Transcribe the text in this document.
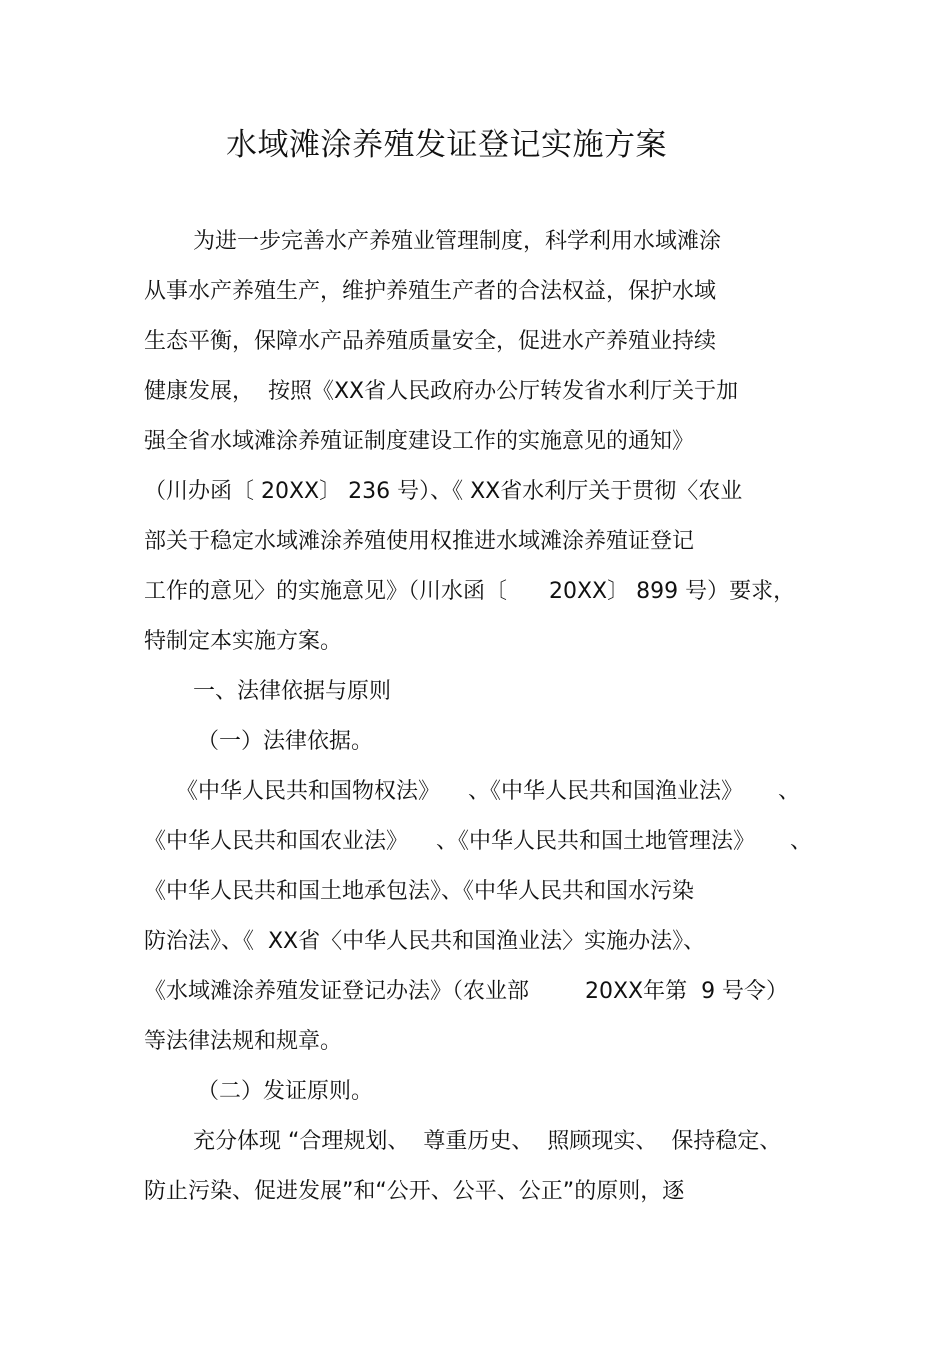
水域滩涂养殖发证登记实施方案
为进一步完善水产养殖业管理制度，科学利用水域滩涂
从事水产养殖生产，维护养殖生产者的合法权益，保护水域
生态平衡，保障水产品养殖质量安全，促进水产养殖业持续
健康发展，  按照《XX省人民政府办公厅转发省水利厅关于加
强全省水域滩涂养殖证制度建设工作的实施意见的通知》
（川办函〔 20XX〕 236 号）、《 XX省水利厅关于贯彻〈农业
部关于稳定水域滩涂养殖使用权推进水域滩涂养殖证登记
工作的意见〉的实施意见》（川水函〔      20XX〕 899 号）要求，
特制定本实施方案。
一、法律依据与原则
（一）法律依据。
《中华人民共和国物权法》    、《中华人民共和国渔业法》     、
《中华人民共和国农业法》    、《中华人民共和国土地管理法》     、
《中华人民共和国土地承包法》、《中华人民共和国水污染
防治法》、《  XX省〈中华人民共和国渔业法〉实施办法》、
《水域滩涂养殖发证登记办法》（农业部        20XX年第  9 号令）
等法律法规和规章。
（二）发证原则。
充分体现 “合理规划、  尊重历史、  照顾现实、  保持稳定、
防止污染、促进发展”和“公开、公平、公正”的原则，逐
